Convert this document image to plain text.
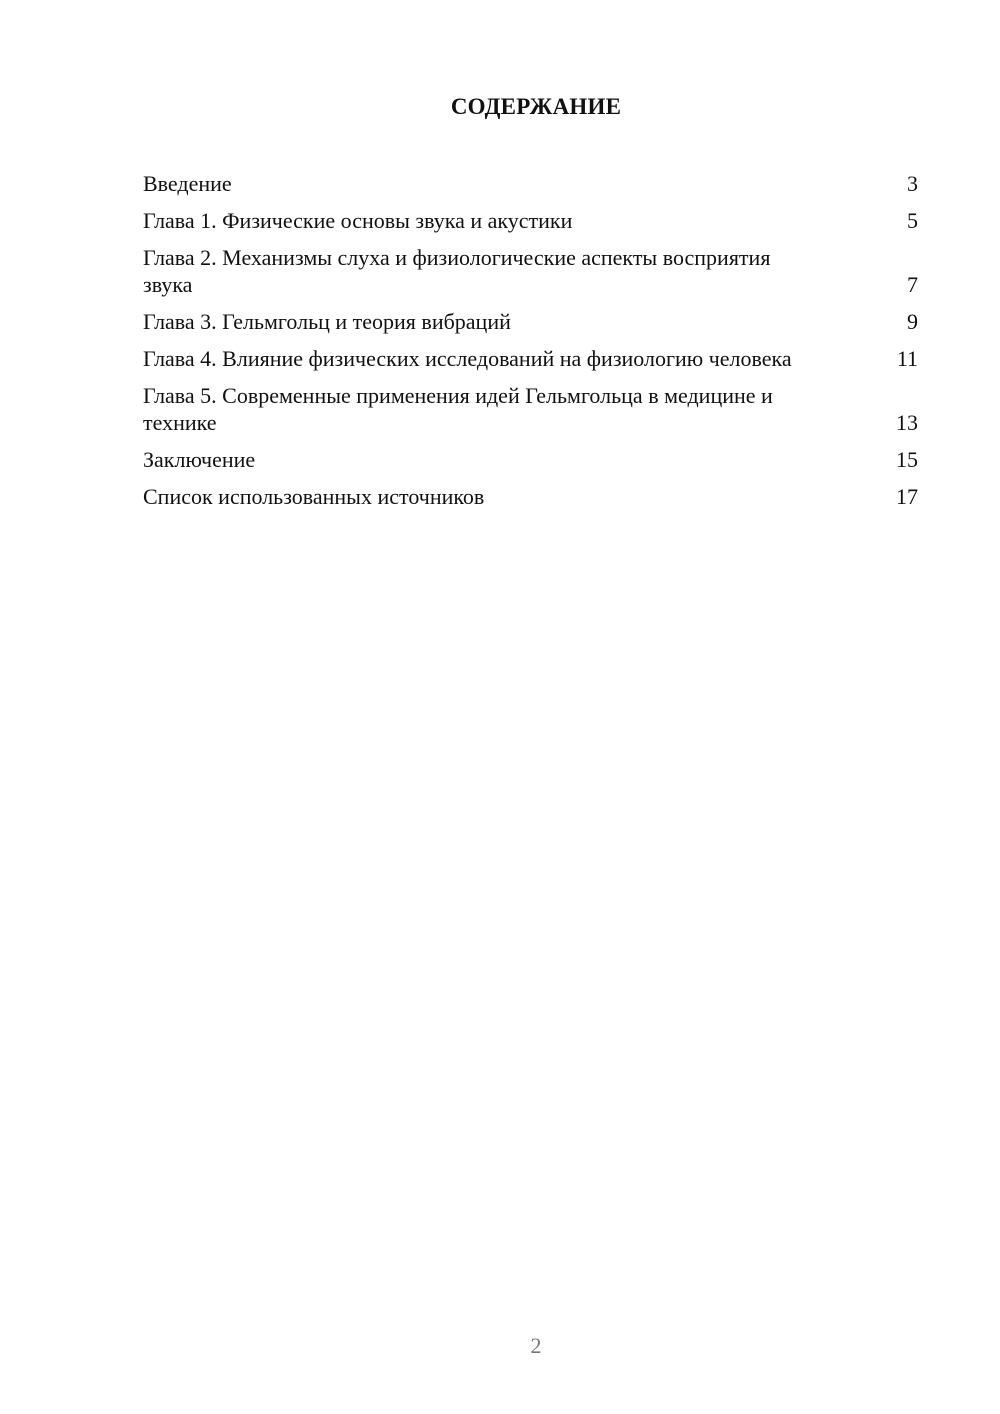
СОДЕРЖАНИЕ
Введение	3
Глава 1. Физические основы звука и акустики	5
Глава 2. Механизмы слуха и физиологические аспекты восприятия звука	7
Глава 3. Гельмгольц и теория вибраций	9
Глава 4. Влияние физических исследований на физиологию человека	11
Глава 5. Современные применения идей Гельмгольца в медицине и технике	13
Заключение	15
Список использованных источников	17
2
